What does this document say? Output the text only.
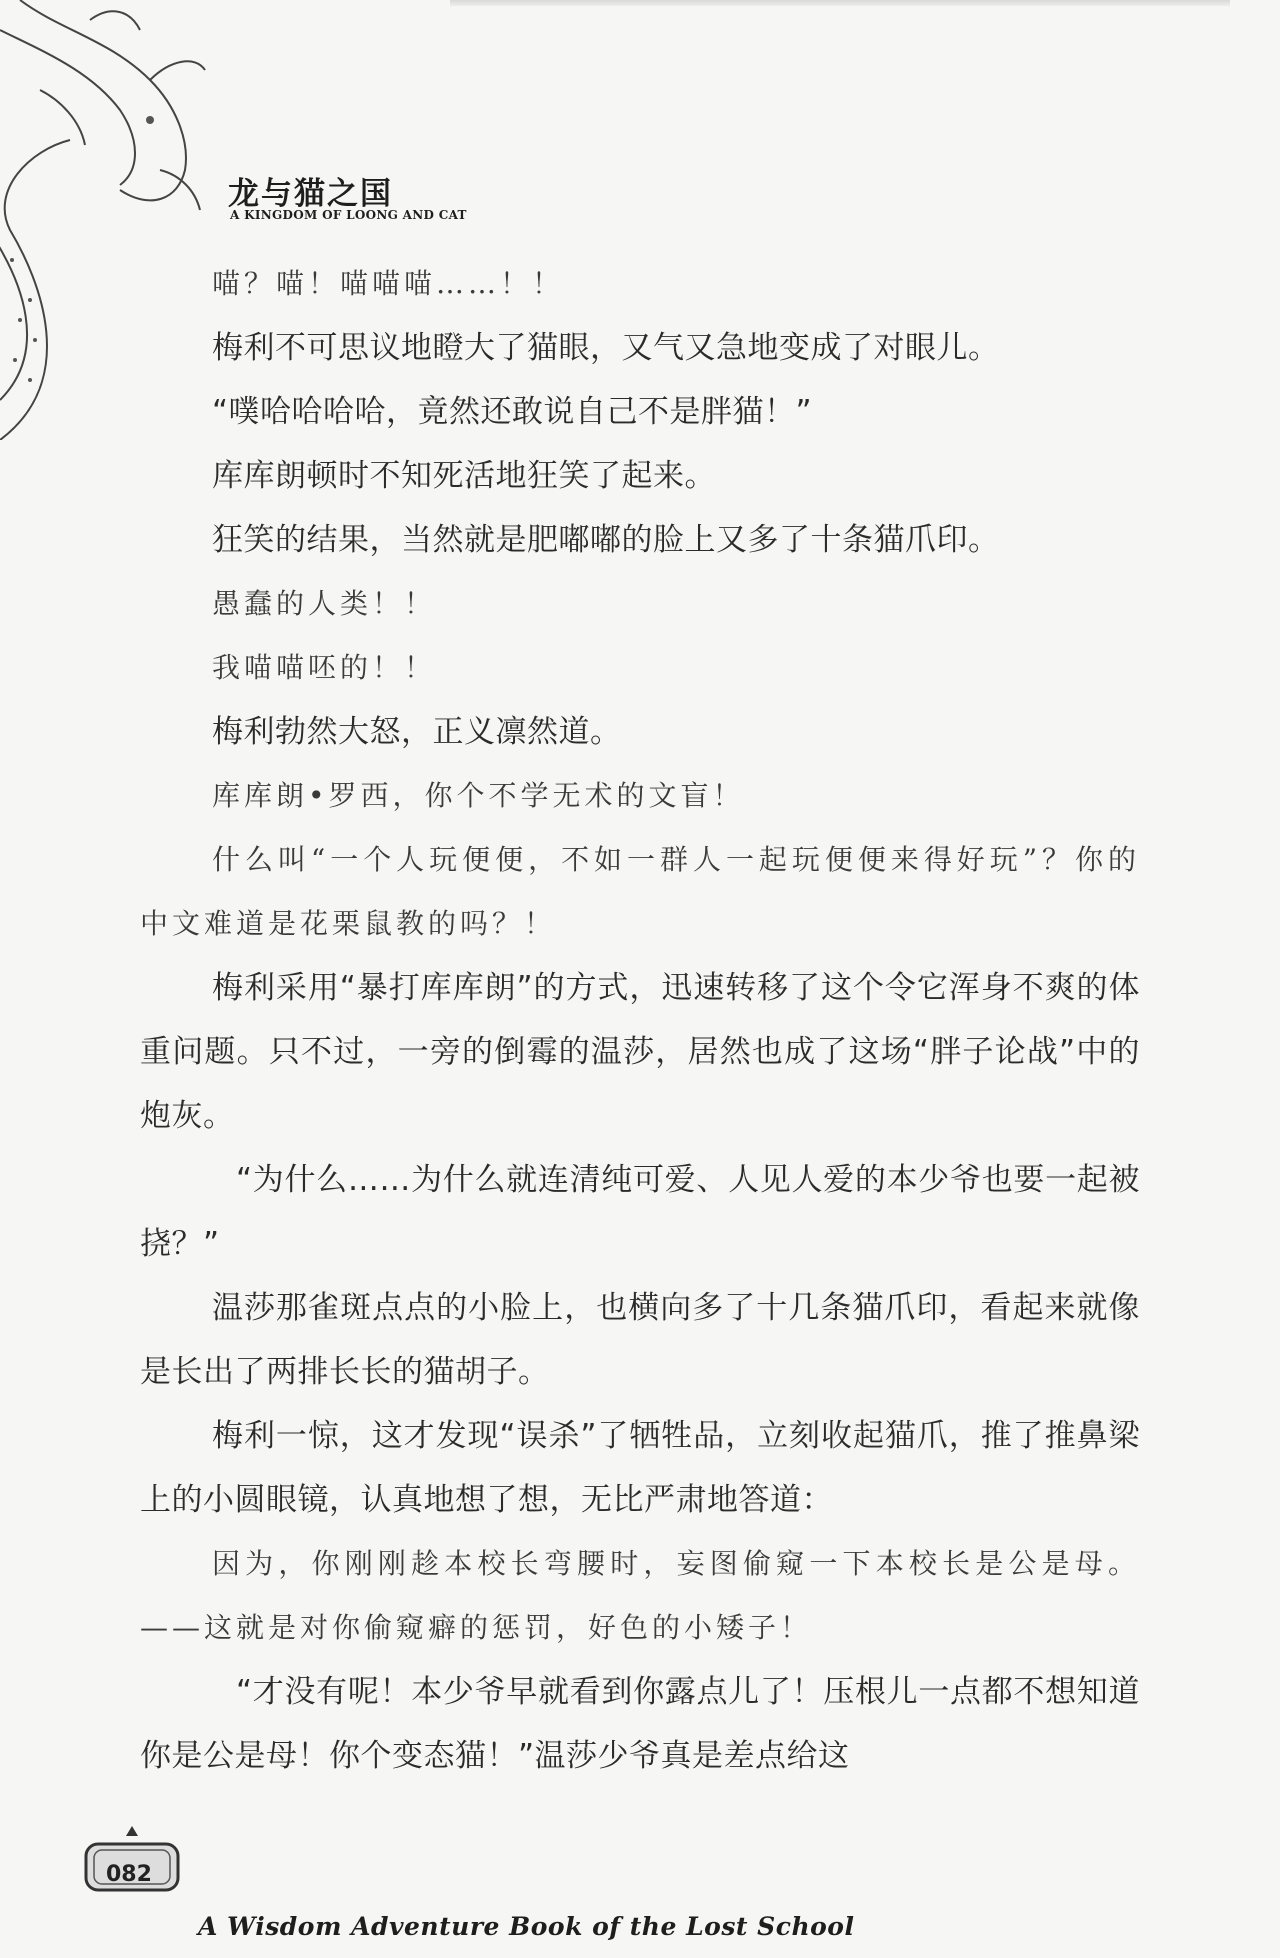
龙与猫之国
A KINGDOM OF LOONG AND CAT

喵？喵！喵喵喵……！！

梅利不可思议地瞪大了猫眼，又气又急地变成了对眼儿。

“噗哈哈哈哈，竟然还敢说自己不是胖猫！”

库库朗顿时不知死活地狂笑了起来。

狂笑的结果，当然就是肥嘟嘟的脸上又多了十条猫爪印。

愚蠢的人类！！

我喵喵呸的！！

梅利勃然大怒，正义凛然道。

库库朗•罗西，你个不学无术的文盲！

什么叫“一个人玩便便，不如一群人一起玩便便来得好玩”？你的中文难道是花栗鼠教的吗？！

梅利采用“暴打库库朗”的方式，迅速转移了这个令它浑身不爽的体重问题。只不过，一旁的倒霉的温莎，居然也成了这场“胖子论战”中的炮灰。

“为什么……为什么就连清纯可爱、人见人爱的本少爷也要一起被挠？”

温莎那雀斑点点的小脸上，也横向多了十几条猫爪印，看起来就像是长出了两排长长的猫胡子。

梅利一惊，这才发现“误杀”了牺牲品，立刻收起猫爪，推了推鼻梁上的小圆眼镜，认真地想了想，无比严肃地答道：

因为，你刚刚趁本校长弯腰时，妄图偷窥一下本校长是公是母。——这就是对你偷窥癖的惩罚，好色的小矮子！

“才没有呢！本少爷早就看到你露点儿了！压根儿一点都不想知道你是公是母！你个变态猫！”温莎少爷真是差点给这

082
A Wisdom Adventure Book of the Lost School
